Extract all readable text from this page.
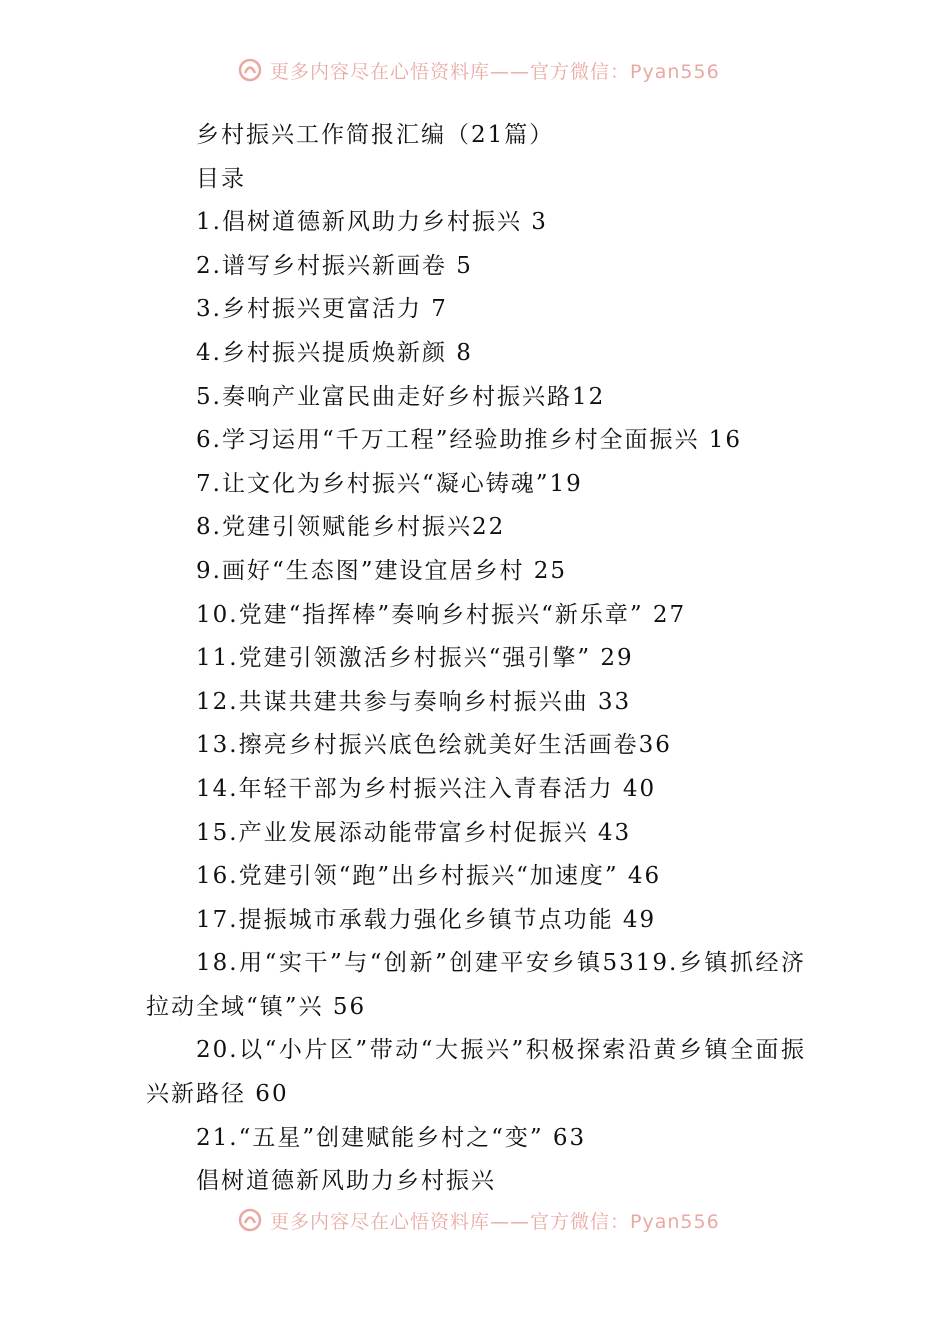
更多内容尽在心悟资料库——官方微信：Pyan556
乡村振兴工作简报汇编（21篇）
目录
1.倡树道德新风助力乡村振兴 3
2.谱写乡村振兴新画卷 5
3.乡村振兴更富活力 7
4.乡村振兴提质焕新颜 8
5.奏响产业富民曲走好乡村振兴路12
6.学习运用“千万工程”经验助推乡村全面振兴 16
7.让文化为乡村振兴“凝心铸魂”19
8.党建引领赋能乡村振兴22
9.画好“生态图”建设宜居乡村 25
10.党建“指挥棒”奏响乡村振兴“新乐章” 27
11.党建引领激活乡村振兴“强引擎” 29
12.共谋共建共参与奏响乡村振兴曲 33
13.擦亮乡村振兴底色绘就美好生活画卷36
14.年轻干部为乡村振兴注入青春活力 40
15.产业发展添动能带富乡村促振兴 43
16.党建引领“跑”出乡村振兴“加速度” 46
17.提振城市承载力强化乡镇节点功能 49
18.用“实干”与“创新”创建平安乡镇5319.乡镇抓经济拉动全域“镇”兴 56
20.以“小片区”带动“大振兴”积极探索沿黄乡镇全面振兴新路径 60
21.“五星”创建赋能乡村之“变” 63
倡树道德新风助力乡村振兴
更多内容尽在心悟资料库——官方微信：Pyan556
